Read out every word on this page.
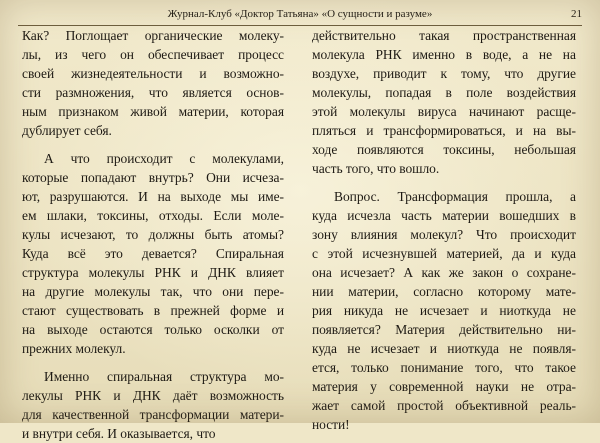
Журнал-Клуб «Доктор Татьяна» «О сущности и разуме»	21
Как? Поглощает органические молеку-
лы, из чего он обеспечивает процесс
своей жизнедеятельности и возможно-
сти размножения, что является основ-
ным признаком живой материи, которая
дублирует себя.
А что происходит с молекулами,
которые попадают внутрь? Они исчеза-
ют, разрушаются. И на выходе мы име-
ем шлаки, токсины, отходы. Если моле-
кулы исчезают, то должны быть атомы?
Куда всё это девается? Спиральная
структура молекулы РНК и ДНК влияет
на другие молекулы так, что они пере-
стают существовать в прежней форме и
на выходе остаются только осколки от
прежних молекул.
Именно спиральная структура мо-
лекулы РНК и ДНК даёт возможность
для качественной трансформации матери-
и внутри себя. И оказывается, что
действительно такая пространственная
молекула РНК именно в воде, а не на
воздухе, приводит к тому, что другие
молекулы, попадая в поле воздействия
этой молекулы вируса начинают расще-
пляться и трансформироваться, и на вы-
ходе появляются токсины, небольшая
часть того, что вошло.
Вопрос. Трансформация прошла, а
куда исчезла часть материи вошедших в
зону влияния молекул? Что происходит
с этой исчезнувшей материей, да и куда
она исчезает? А как же закон о сохране-
нии материи, согласно которому мате-
рия никуда не исчезает и ниоткуда не
появляется? Материя действительно ни-
куда не исчезает и ниоткуда не появля-
ется, только понимание того, что такое
материя у современной науки не отра-
жает самой простой объективной реаль-
ности!
